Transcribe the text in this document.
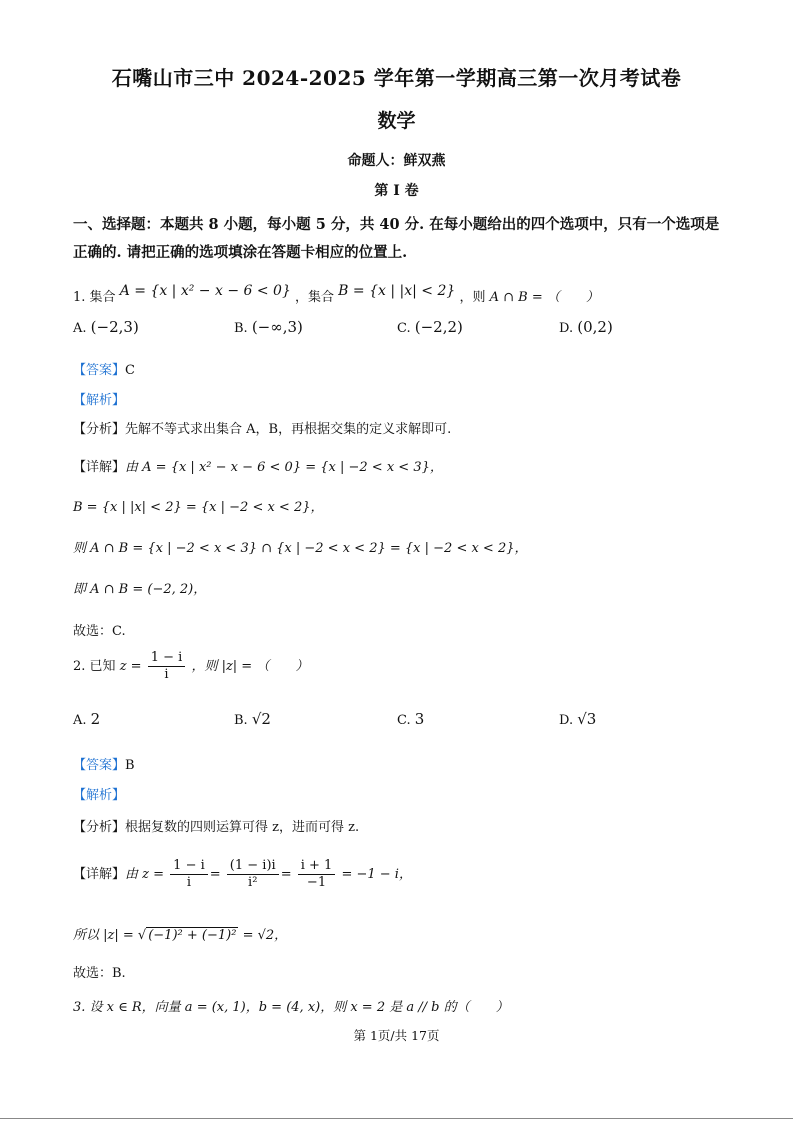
石嘴山市三中 2024-2025 学年第一学期高三第一次月考试卷
数学
命题人：鲜双燕
第 I 卷
一、选择题：本题共 8 小题，每小题 5 分，共 40 分. 在每小题给出的四个选项中，只有一个选项是正确的. 请把正确的选项填涂在答题卡相应的位置上.
1. 集合 A = {x | x² − x − 6 < 0} ，集合 B = {x | |x| < 2} ，则 A ∩ B = （　　）
A. (−2,3)	B. (−∞,3)	C. (−2,2)	D. (0,2)
【答案】C
【解析】
【分析】先解不等式求出集合 A，B，再根据交集的定义求解即可.
【详解】由 A = {x | x² − x − 6 < 0} = {x | −2 < x < 3}，
B = {x | |x| < 2} = {x | −2 < x < 2}，
则 A ∩ B = {x | −2 < x < 3} ∩ {x | −2 < x < 2} = {x | −2 < x < 2}，
即 A ∩ B = (−2, 2)，
故选：C.
2. 已知 $z = \frac{1 - i}{i}$ ，则 |z| = （　　）
A. 2	B. √2	C. 3	D. √3
【答案】B
【解析】
【分析】根据复数的四则运算可得 z，进而可得 z.
【详解】由 $z = \frac{1 - i}{i} = \frac{(1 - i)i}{\text{i²}} = \frac{i + 1}{-1} = -1 - i$，
所以 |z| = √ (−1)² + (−1)² = √2，
故选：B.
3. 设 x ∈ R，向量 a = (x, 1)，b = (4, x)，则 x = 2 是 a // b 的（　　）
第 1页/共 17页
